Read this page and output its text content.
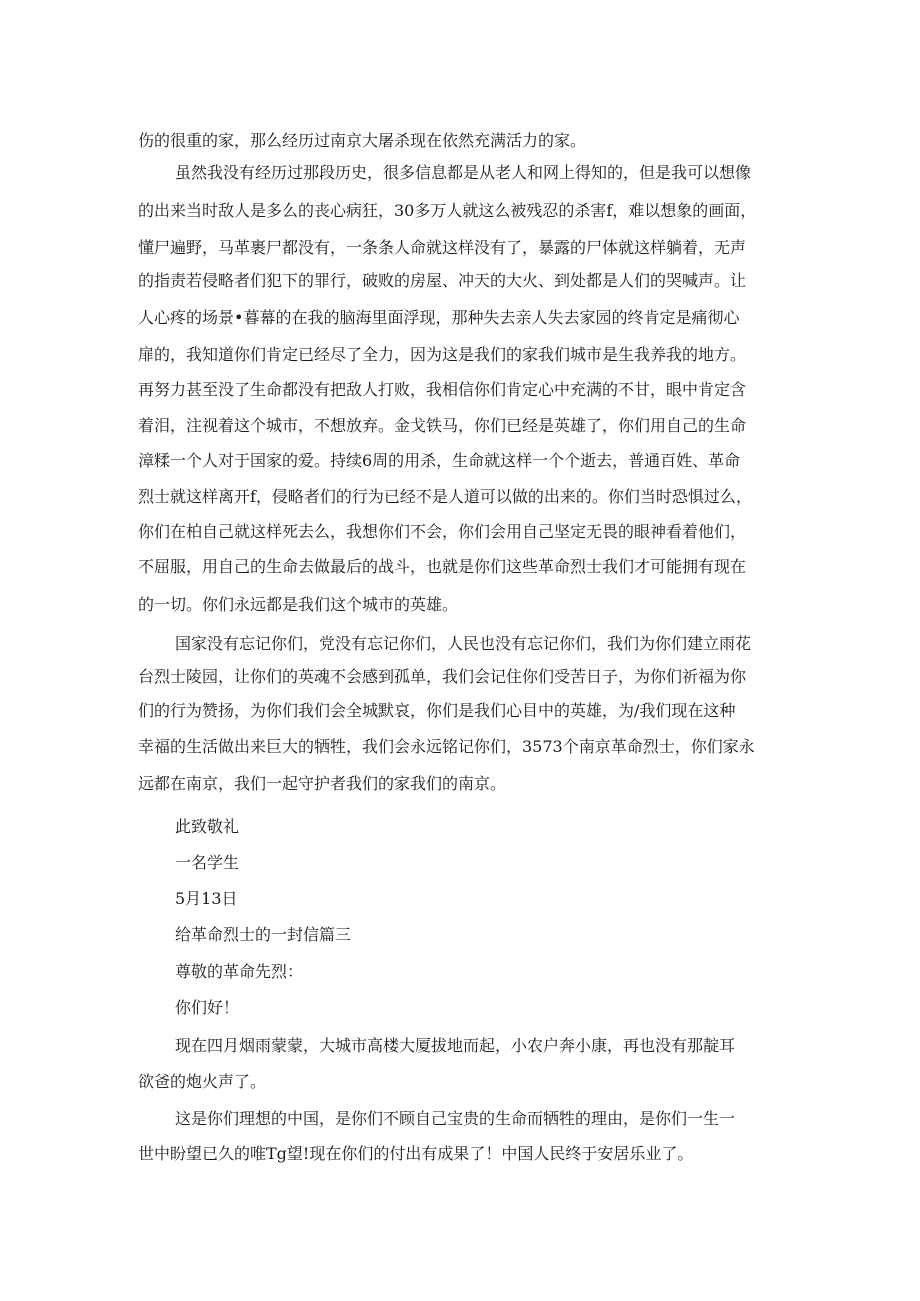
伤的很重的家，那么经历过南京大屠杀现在依然充满活力的家。
虽然我没有经历过那段历史，很多信息都是从老人和网上得知的，但是我可以想像
的出来当时敌人是多么的丧心病狂，30多万人就这么被残忍的杀害f，难以想象的画面，
懂尸遍野，马革裹尸都没有，一条条人命就这样没有了，暴露的尸体就这样躺着，无声
的指责若侵略者们犯下的罪行，破败的房屋、冲天的大火、到处都是人们的哭喊声。让
人心疼的场景•暮幕的在我的脑海里面浮现，那种失去亲人失去家园的终肯定是痛彻心
扉的，我知道你们肯定已经尽了全力，因为这是我们的家我们城市是生我养我的地方。
再努力甚至没了生命都没有把敌人打败，我相信你们肯定心中充满的不甘，眼中肯定含
着泪，注视着这个城市，不想放弃。金戈铁马，你们已经是英雄了，你们用自己的生命
漳糅一个人对于国家的爱。持续6周的用杀，生命就这样一个个逝去，普通百姓、革命
烈士就这样离开f，侵略者们的行为已经不是人道可以做的出来的。你们当时恐惧过么，
你们在柏自己就这样死去么，我想你们不会，你们会用自己坚定无畏的眼神看着他们，
不屈服，用自己的生命去做最后的战斗，也就是你们这些革命烈士我们才可能拥有现在
的一切。你们永远都是我们这个城市的英雄。
国家没有忘记你们，党没有忘记你们，人民也没有忘记你们，我们为你们建立雨花
台烈士陵园，让你们的英魂不会感到孤单，我们会记住你们受苦日子，为你们祈福为你
们的行为赞扬，为你们我们会全城默哀，你们是我们心目中的英雄，为/我们现在这种
幸福的生活做出来巨大的牺牲，我们会永远铭记你们，3573个南京革命烈士，你们家永
远都在南京，我们一起守护者我们的家我们的南京。
此致敬礼
一名学生
5月13日
给革命烈士的一封信篇三
尊敬的革命先烈：
你们好！
现在四月烟雨蒙蒙，大城市高楼大厦拔地而起，小农户奔小康，再也没有那靛耳
欲爸的炮火声了。
这是你们理想的中国，是你们不顾自己宝贵的生命而牺牲的理由，是你们一生一
世中盼望已久的唯Tg望!现在你们的付出有成果了！中国人民终于安居乐业了。
